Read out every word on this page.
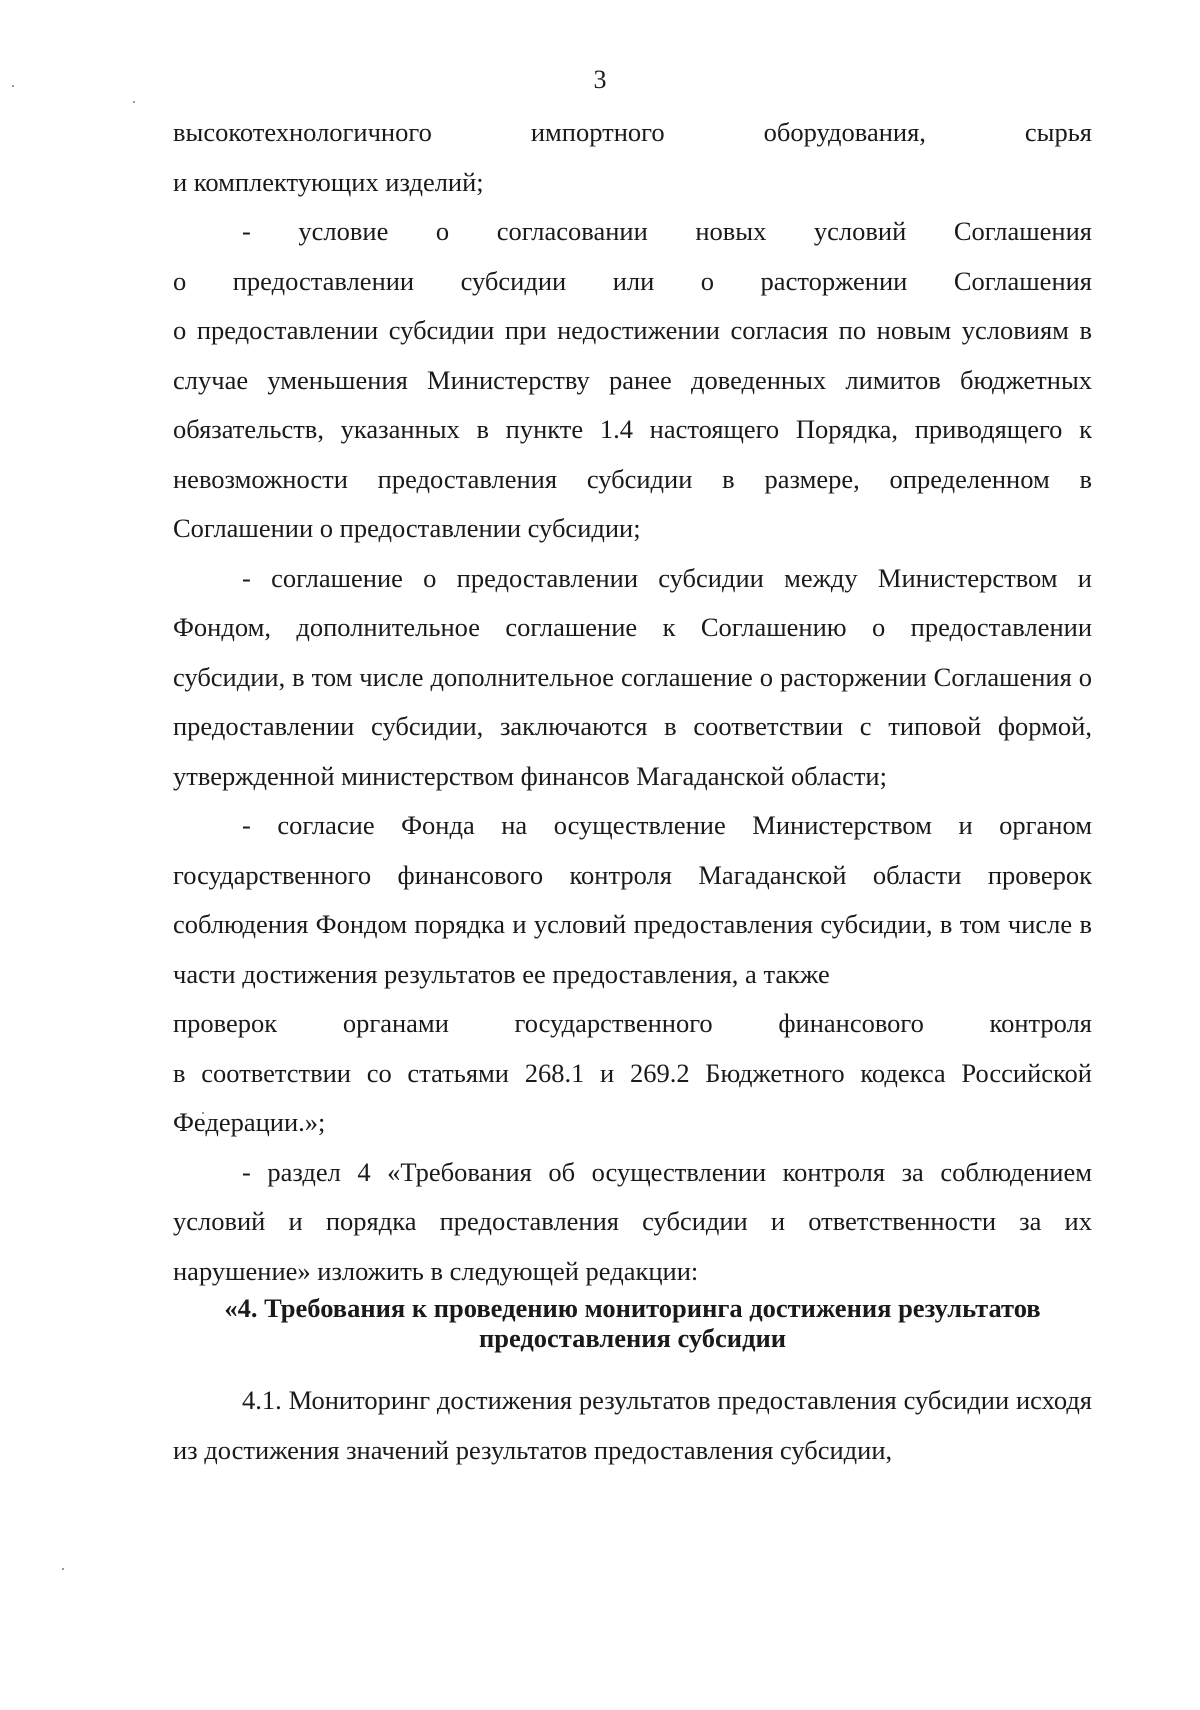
3
высокотехнологичного импортного оборудования, сырья
и комплектующих изделий;
- условие о согласовании новых условий Соглашения
о предоставлении субсидии или о расторжении Соглашения
о предоставлении субсидии при недостижении согласия по новым условиям в случае уменьшения Министерству ранее доведенных лимитов бюджетных обязательств, указанных в пункте 1.4 настоящего Порядка, приводящего к невозможности предоставления субсидии в размере, определенном в Соглашении о предоставлении субсидии;
- соглашение о предоставлении субсидии между Министерством и Фондом, дополнительное соглашение к Соглашению о предоставлении субсидии, в том числе дополнительное соглашение о расторжении Соглашения о предоставлении субсидии, заключаются в соответствии с типовой формой, утвержденной министерством финансов Магаданской области;
- согласие Фонда на осуществление Министерством и органом государственного финансового контроля Магаданской области проверок соблюдения Фондом порядка и условий предоставления субсидии, в том числе в части достижения результатов ее предоставления, а также
проверок органами государственного финансового контроля
в соответствии со статьями 268.1 и 269.2 Бюджетного кодекса Российской Федерации.»;
- раздел 4 «Требования об осуществлении контроля за соблюдением условий и порядка предоставления субсидии и ответственности за их нарушение» изложить в следующей редакции:
«4. Требования к проведению мониторинга достижения результатов
предоставления субсидии
4.1. Мониторинг достижения результатов предоставления субсидии исходя из достижения значений результатов предоставления субсидии,
